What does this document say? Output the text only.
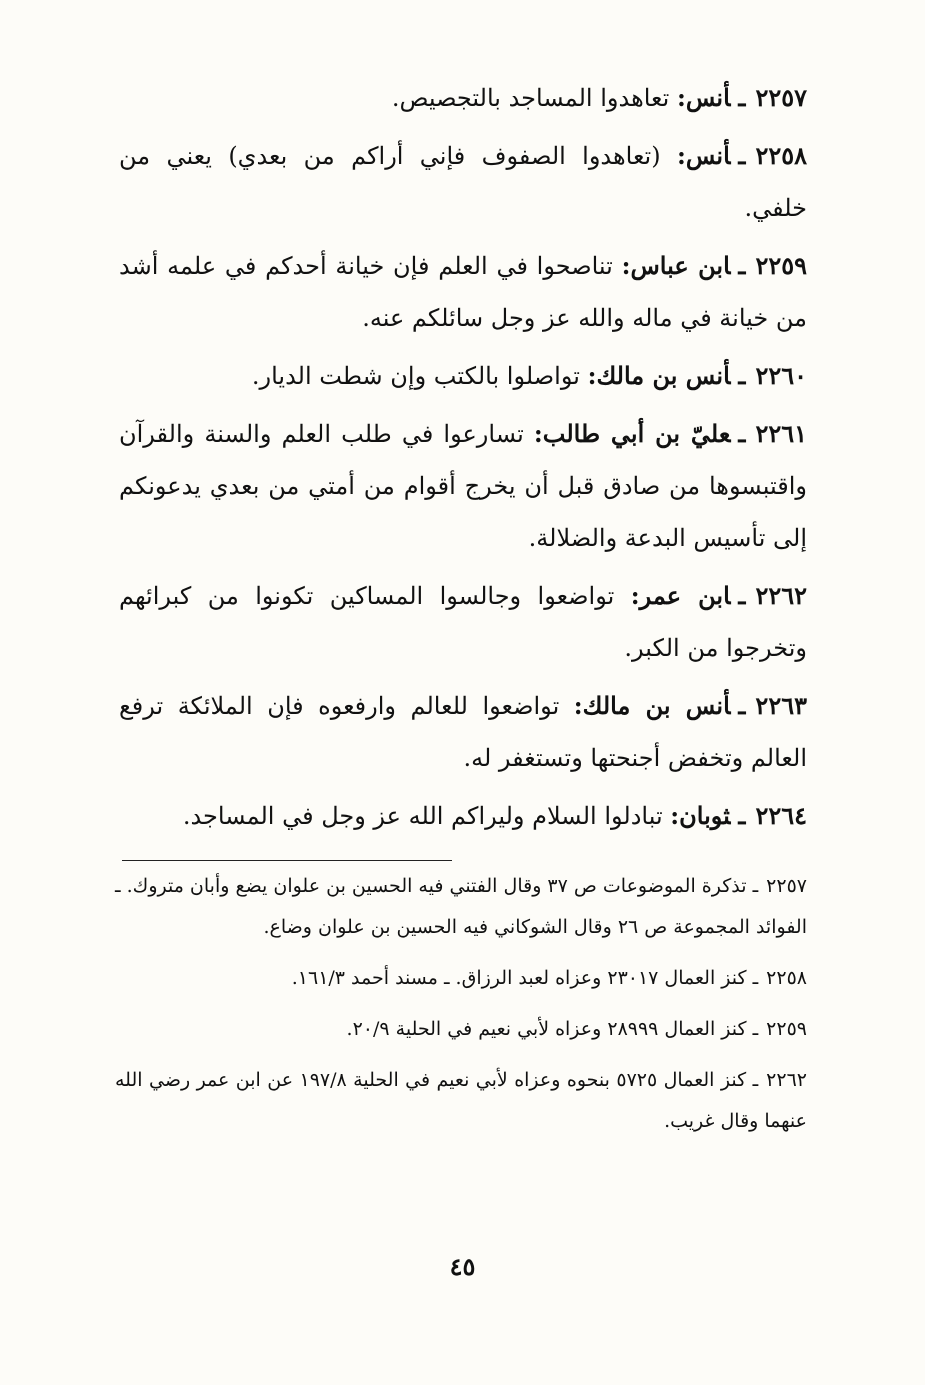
٢٢٥٧ـأنس: تعاهدوا المساجد بالتجصيص.

٢٢٥٨ـأنس: (تعاهدوا الصفوف فإني أراكم من بعدي) يعني من خلفي.

٢٢٥٩ـابن عباس: تناصحوا في العلم فإن خيانة أحدكم في علمه أشد من خيانة في ماله والله عز وجل سائلكم عنه.

٢٢٦٠ـأنس بن مالك: تواصلوا بالكتب وإن شطت الديار.

٢٢٦١ـعليّ بن أبي طالب: تسارعوا في طلب العلم والسنة والقرآن واقتبسوها من صادق قبل أن يخرج أقوام من أمتي من بعدي يدعونكم إلى تأسيس البدعة والضلالة.

٢٢٦٢ـابن عمر: تواضعوا وجالسوا المساكين تكونوا من كبرائهم وتخرجوا من الكبر.

٢٢٦٣ـأنس بن مالك: تواضعوا للعالم وارفعوه فإن الملائكة ترفع العالم وتخفض أجنحتها وتستغفر له.

٢٢٦٤ـثوبان: تبادلوا السلام وليراكم الله عز وجل في المساجد.

٢٢٥٧ـ تذكرة الموضوعات ص ٣٧ وقال الفتني فيه الحسين بن علوان يضع وأبان متروك. ـ الفوائد المجموعة ص ٢٦ وقال الشوكاني فيه الحسين بن علوان وضاع.

٢٢٥٨ـ كنز العمال ٢٣٠١٧ وعزاه لعبد الرزاق. ـ مسند أحمد ١٦١/٣.

٢٢٥٩ـ كنز العمال ٢٨٩٩٩ وعزاه لأبي نعيم في الحلية ٢٠/٩.

٢٢٦٢ـ كنز العمال ٥٧٢٥ بنحوه وعزاه لأبي نعيم في الحلية ١٩٧/٨ عن ابن عمر رضي الله عنهما وقال غريب.

٤٥
